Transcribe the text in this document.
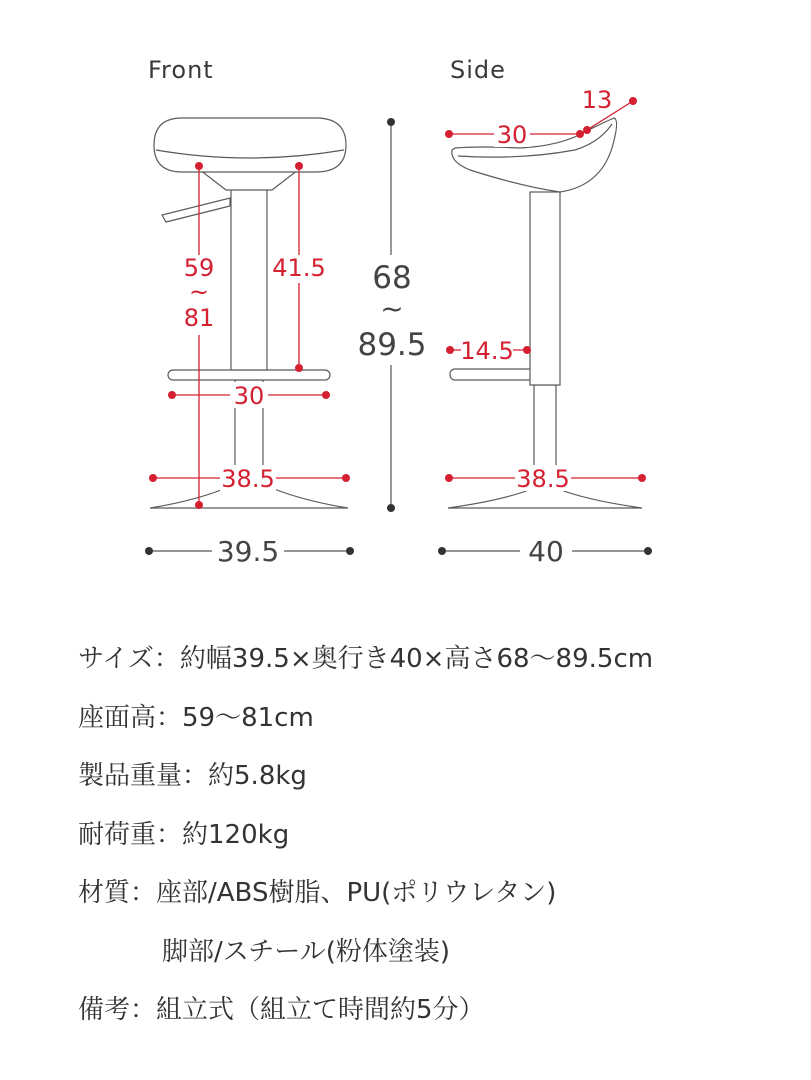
Front	Side
59
~
81
41.5
30
38.5
39.5
68
~
89.5
30
13
14.5
38.5
40
サイズ：約幅39.5×奥行き40×高さ68〜89.5cm
座面高：59〜81cm
製品重量：約5.8kg
耐荷重：約120kg
材質：座部/ABS樹脂、PU(ポリウレタン)
脚部/スチール(粉体塗装)
備考：組立式（組立て時間約5分）
